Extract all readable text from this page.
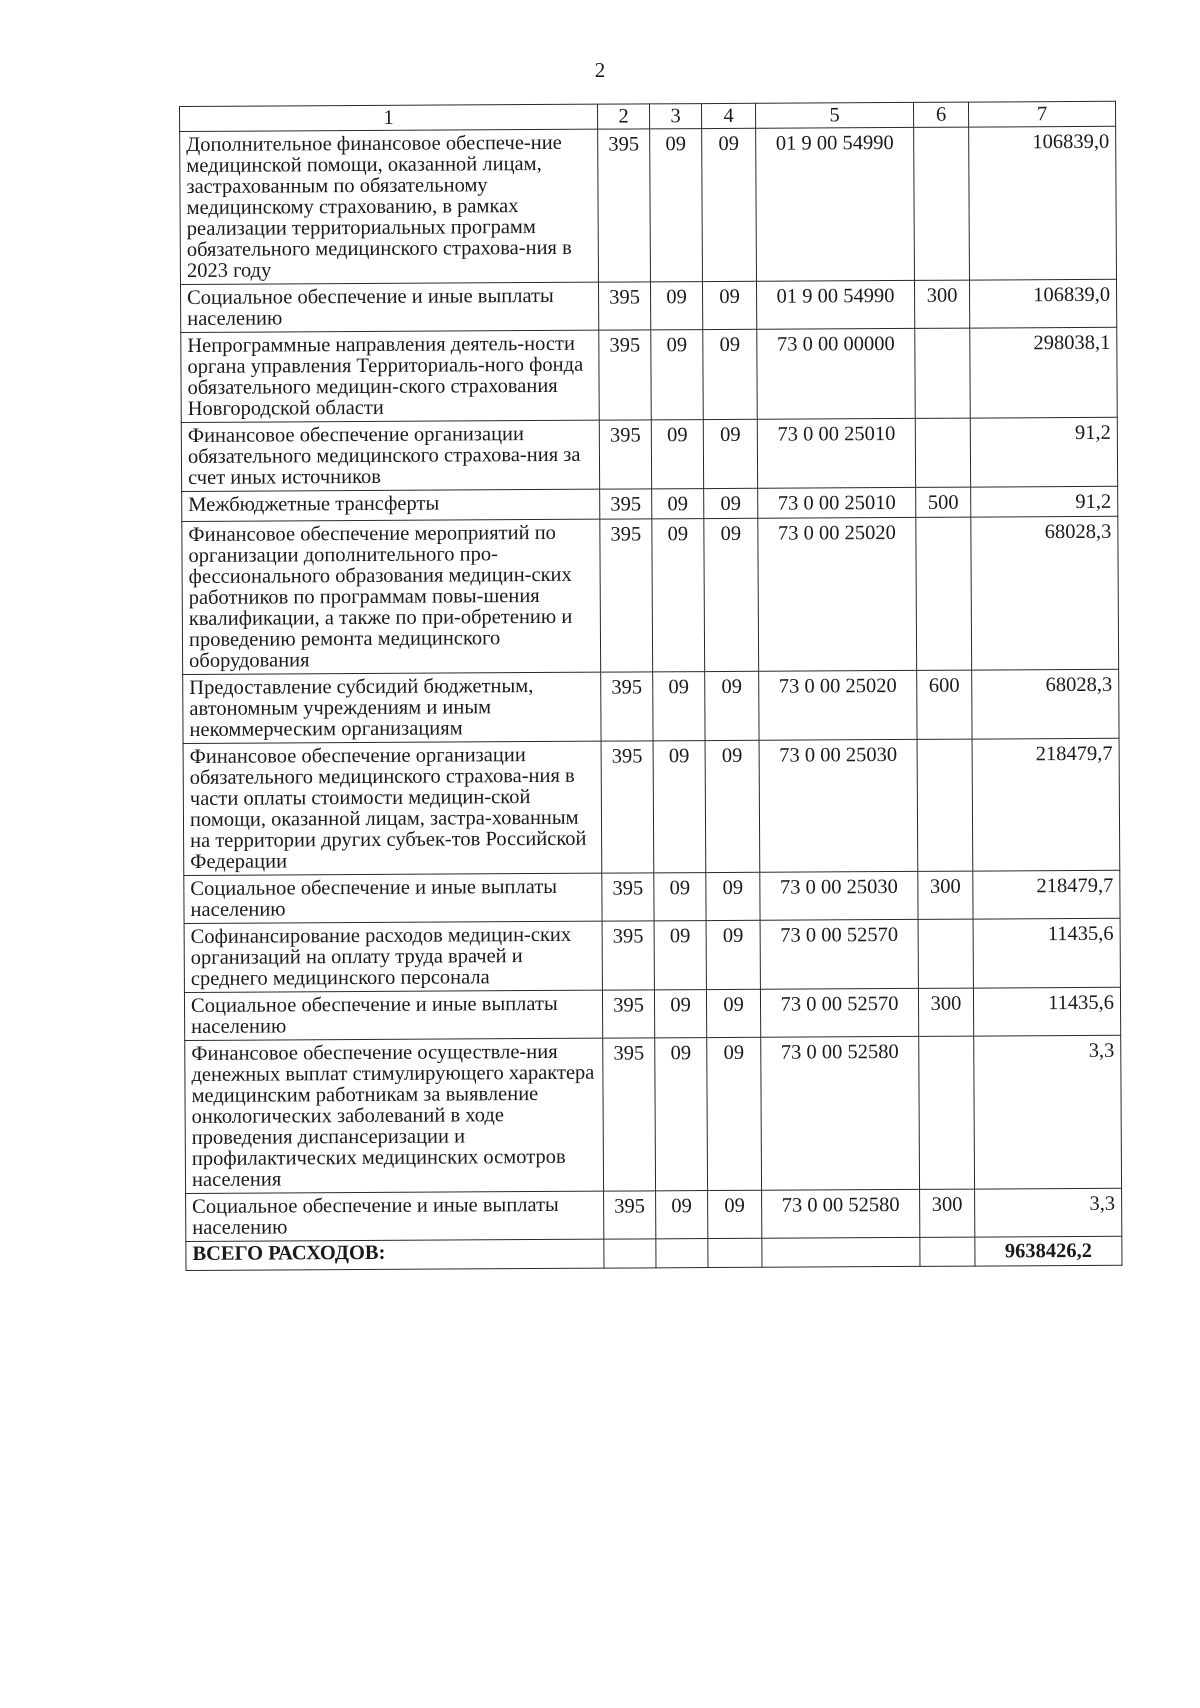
2
1	2	3	4	5	6	7
Дополнительное финансовое обеспече-ние медицинской помощи, оказанной лицам, застрахованным по обязательному медицинскому страхованию, в рамках реализации территориальных программ обязательного медицинского страхова-ния в 2023 году	395	09	09	01 9 00 54990		106839,0
Социальное обеспечение и иные выплаты населению	395	09	09	01 9 00 54990	300	106839,0
Непрограммные направления деятель-ности органа управления Территориаль-ного фонда обязательного медицин-ского страхования Новгородской области	395	09	09	73 0 00 00000		298038,1
Финансовое обеспечение организации обязательного медицинского страхова-ния за счет иных источников	395	09	09	73 0 00 25010		91,2
Межбюджетные трансферты	395	09	09	73 0 00 25010	500	91,2
Финансовое обеспечение мероприятий по организации дополнительного про-фессионального образования медицин-ских работников по программам повы-шения квалификации, а также по при-обретению и проведению ремонта медицинского оборудования	395	09	09	73 0 00 25020		68028,3
Предоставление субсидий бюджетным, автономным учреждениям и иным некоммерческим организациям	395	09	09	73 0 00 25020	600	68028,3
Финансовое обеспечение организации обязательного медицинского страхова-ния в части оплаты стоимости медицин-ской помощи, оказанной лицам, застра-хованным на территории других субъек-тов Российской Федерации	395	09	09	73 0 00 25030		218479,7
Социальное обеспечение и иные выплаты населению	395	09	09	73 0 00 25030	300	218479,7
Софинансирование расходов медицин-ских организаций на оплату труда врачей и среднего медицинского персонала	395	09	09	73 0 00 52570		11435,6
Социальное обеспечение и иные выплаты населению	395	09	09	73 0 00 52570	300	11435,6
Финансовое обеспечение осуществле-ния денежных выплат стимулирующего характера медицинским работникам за выявление онкологических заболеваний в ходе проведения диспансеризации и профилактических медицинских осмотров населения	395	09	09	73 0 00 52580		3,3
Социальное обеспечение и иные выплаты населению	395	09	09	73 0 00 52580	300	3,3
ВСЕГО РАСХОДОВ:						9638426,2
